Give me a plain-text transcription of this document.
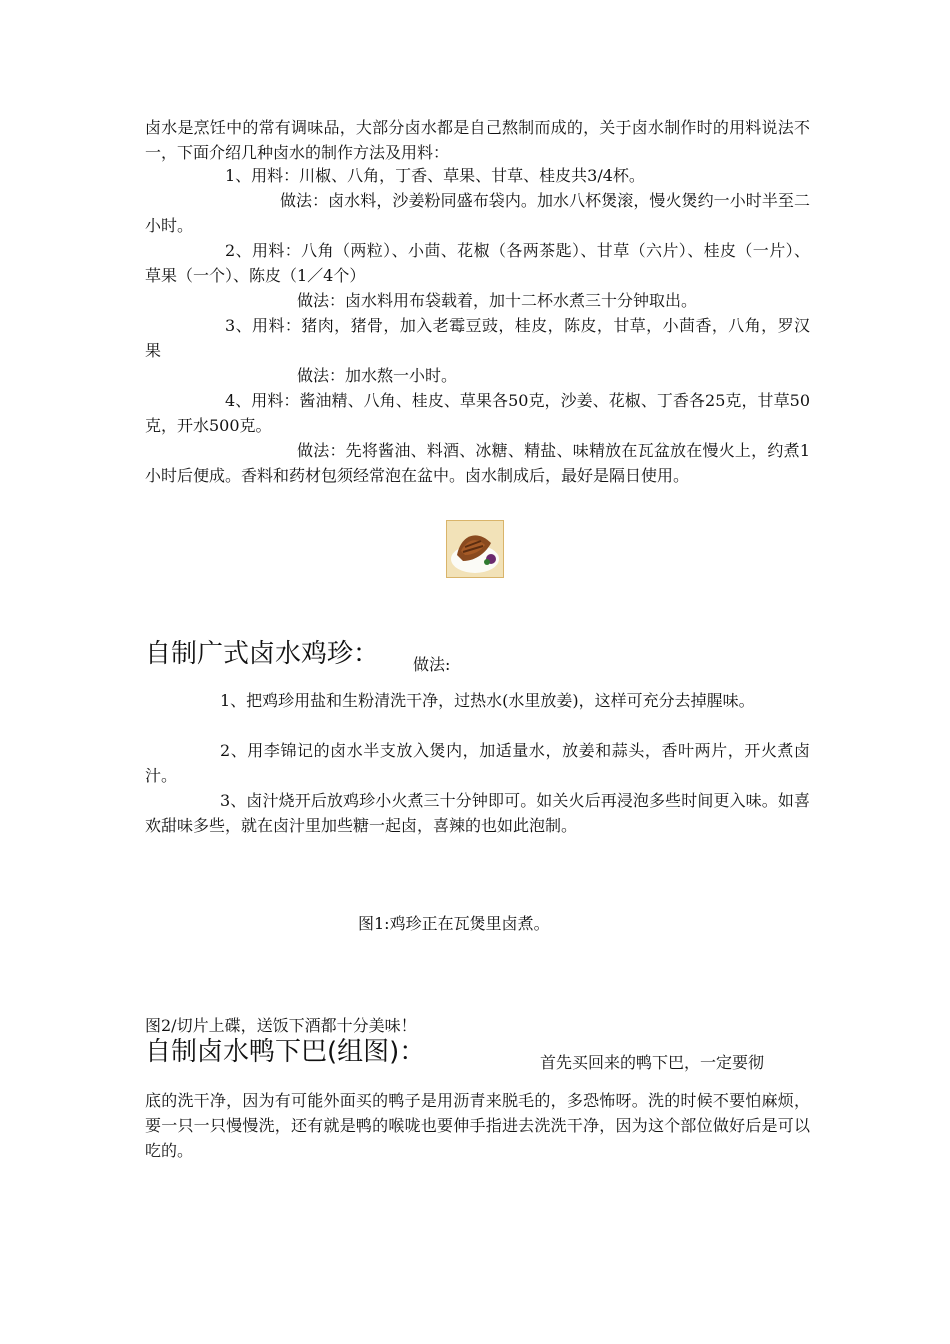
卤水是烹饪中的常有调味品，大部分卤水都是自己熬制而成的，关于卤水制作时的用料说法不一，下面介绍几种卤水的制作方法及用料：

1、用料：川椒、八角，丁香、草果、甘草、桂皮共3/4杯。

做法：卤水料，沙姜粉同盛布袋内。加水八杯煲滚，慢火煲约一小时半至二小时。

2、用料：八角（两粒）、小茴、花椒（各两茶匙）、甘草（六片）、桂皮（一片）、草果（一个）、陈皮（1／4个）

做法：卤水料用布袋载着，加十二杯水煮三十分钟取出。

3、用料：猪肉，猪骨，加入老霉豆豉，桂皮，陈皮，甘草，小茴香，八角，罗汉果

做法：加水熬一小时。

4、用料：酱油精、八角、桂皮、草果各50克，沙姜、花椒、丁香各25克，甘草50克，开水500克。

做法：先将酱油、料酒、冰糖、精盐、味精放在瓦盆放在慢火上，约煮1小时后便成。香料和药材包须经常泡在盆中。卤水制成后，最好是隔日使用。

自制广式卤水鸡珍： 做法:

1、把鸡珍用盐和生粉清洗干净，过热水(水里放姜)，这样可充分去掉腥味。

2、用李锦记的卤水半支放入煲内，加适量水，放姜和蒜头，香叶两片，开火煮卤汁。

3、卤汁烧开后放鸡珍小火煮三十分钟即可。如关火后再浸泡多些时间更入味。如喜欢甜味多些，就在卤汁里加些糖一起卤，喜辣的也如此泡制。

图1:鸡珍正在瓦煲里卤煮。

图2/切片上碟，送饭下酒都十分美味！

自制卤水鸭下巴(组图)：	首先买回来的鸭下巴，一定要彻

底的洗干净，因为有可能外面买的鸭子是用沥青来脱毛的，多恐怖呀。洗的时候不要怕麻烦，要一只一只慢慢洗，还有就是鸭的喉咙也要伸手指进去洗洗干净，因为这个部位做好后是可以吃的。
